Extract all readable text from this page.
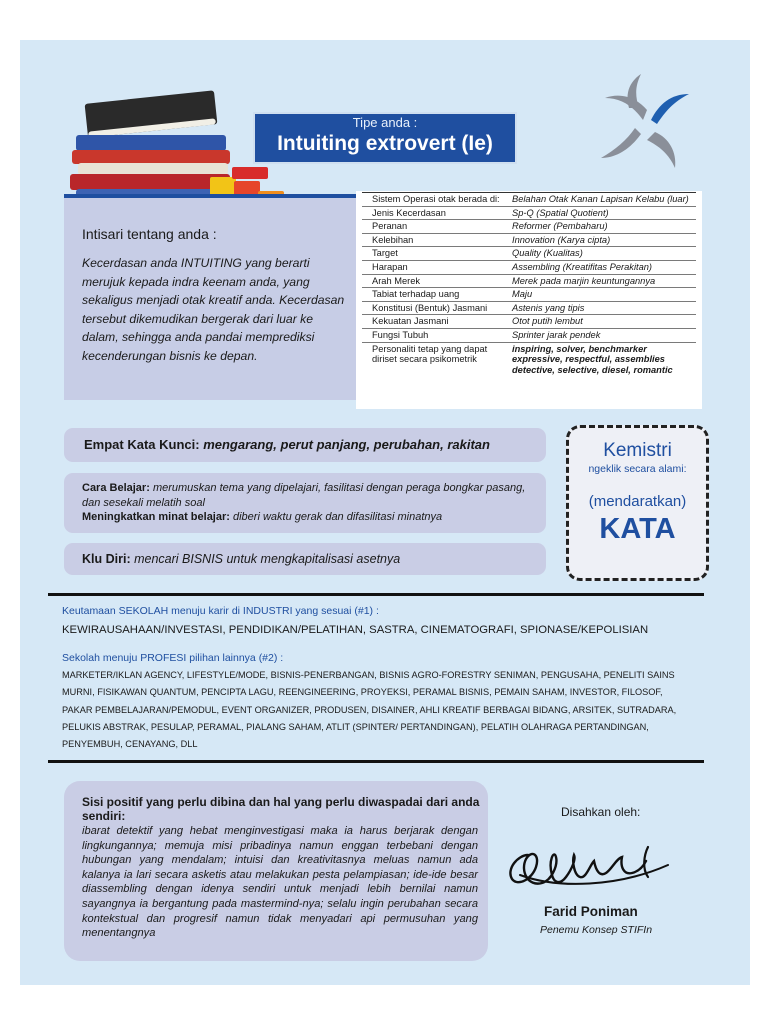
Tipe anda :
Intuiting extrovert (Ie)
Intisari tentang anda :

Kecerdasan anda INTUITING yang berarti merujuk kepada indra keenam anda, yang sekaligus menjadi otak kreatif anda. Kecerdasan tersebut dikemudikan bergerak dari luar ke dalam, sehingga anda pandai memprediksi kecenderungan bisnis ke depan.

Sistem Operasi otak berada di:	Belahan Otak Kanan Lapisan Kelabu (luar)
Jenis Kecerdasan	Sp-Q (Spatial Quotient)
Peranan	Reformer (Pembaharu)
Kelebihan	Innovation (Karya cipta)
Target	Quality (Kualitas)
Harapan	Assembling (Kreatifitas Perakitan)
Arah Merek	Merek pada marjin keuntungannya
Tabiat terhadap uang	Maju
Konstitusi (Bentuk) Jasmani	Astenis yang tipis
Kekuatan Jasmani	Otot putih lembut
Fungsi Tubuh	Sprinter jarak pendek
Personaliti tetap yang dapat diriset secara psikometrik	inspiring, solver, benchmarker expressive, respectful, assemblies detective, selective, diesel, romantic
Empat Kata Kunci: mengarang, perut panjang, perubahan, rakitan
Cara Belajar: merumuskan tema yang dipelajari, fasilitasi dengan peraga bongkar pasang, dan sesekali melatih soal
Meningkatkan minat belajar: diberi waktu gerak dan difasilitasi minatnya
Klu Diri: mencari BISNIS untuk mengkapitalisasi asetnya
Kemistri
ngeklik secara alami:
(mendaratkan)
KATA
Keutamaan SEKOLAH menuju karir di INDUSTRI yang sesuai (#1) :
KEWIRAUSAHAAN/INVESTASI, PENDIDIKAN/PELATIHAN, SASTRA, CINEMATOGRAFI, SPIONASE/KEPOLISIAN
Sekolah menuju PROFESI pilihan lainnya (#2) :
MARKETER/IKLAN AGENCY, LIFESTYLE/MODE, BISNIS-PENERBANGAN, BISNIS AGRO-FORESTRY SENIMAN, PENGUSAHA, PENELITI SAINS MURNI, FISIKAWAN QUANTUM, PENCIPTA LAGU, REENGINEERING, PROYEKSI, PERAMAL BISNIS, PEMAIN SAHAM, INVESTOR, FILOSOF, PAKAR PEMBELAJARAN/PEMODUL, EVENT ORGANIZER, PRODUSEN, DISAINER, AHLI KREATIF BERBAGAI BIDANG, ARSITEK, SUTRADARA, PELUKIS ABSTRAK, PESULAP, PERAMAL, PIALANG SAHAM, ATLIT (SPINTER/ PERTANDINGAN), PELATIH OLAHRAGA PERTANDINGAN, PENYEMBUH, CENAYANG, DLL
Sisi positif yang perlu dibina dan hal yang perlu diwaspadai dari anda sendiri:

ibarat detektif yang hebat menginvestigasi maka ia harus berjarak dengan lingkungannya; memuja misi pribadinya namun enggan terbebani dengan hubungan yang mendalam; intuisi dan kreativitasnya meluas namun ada kalanya ia lari secara asketis atau melakukan pesta pelampiasan; ide-ide besar diassembling dengan idenya sendiri untuk menjadi lebih bernilai namun sayangnya ia bergantung pada mastermind-nya; selalu ingin perubahan secara kontekstual dan progresif namun tidak menyadari api permusuhan yang menentangnya

Disahkan oleh:
Farid Poniman
Penemu Konsep STIFIn
